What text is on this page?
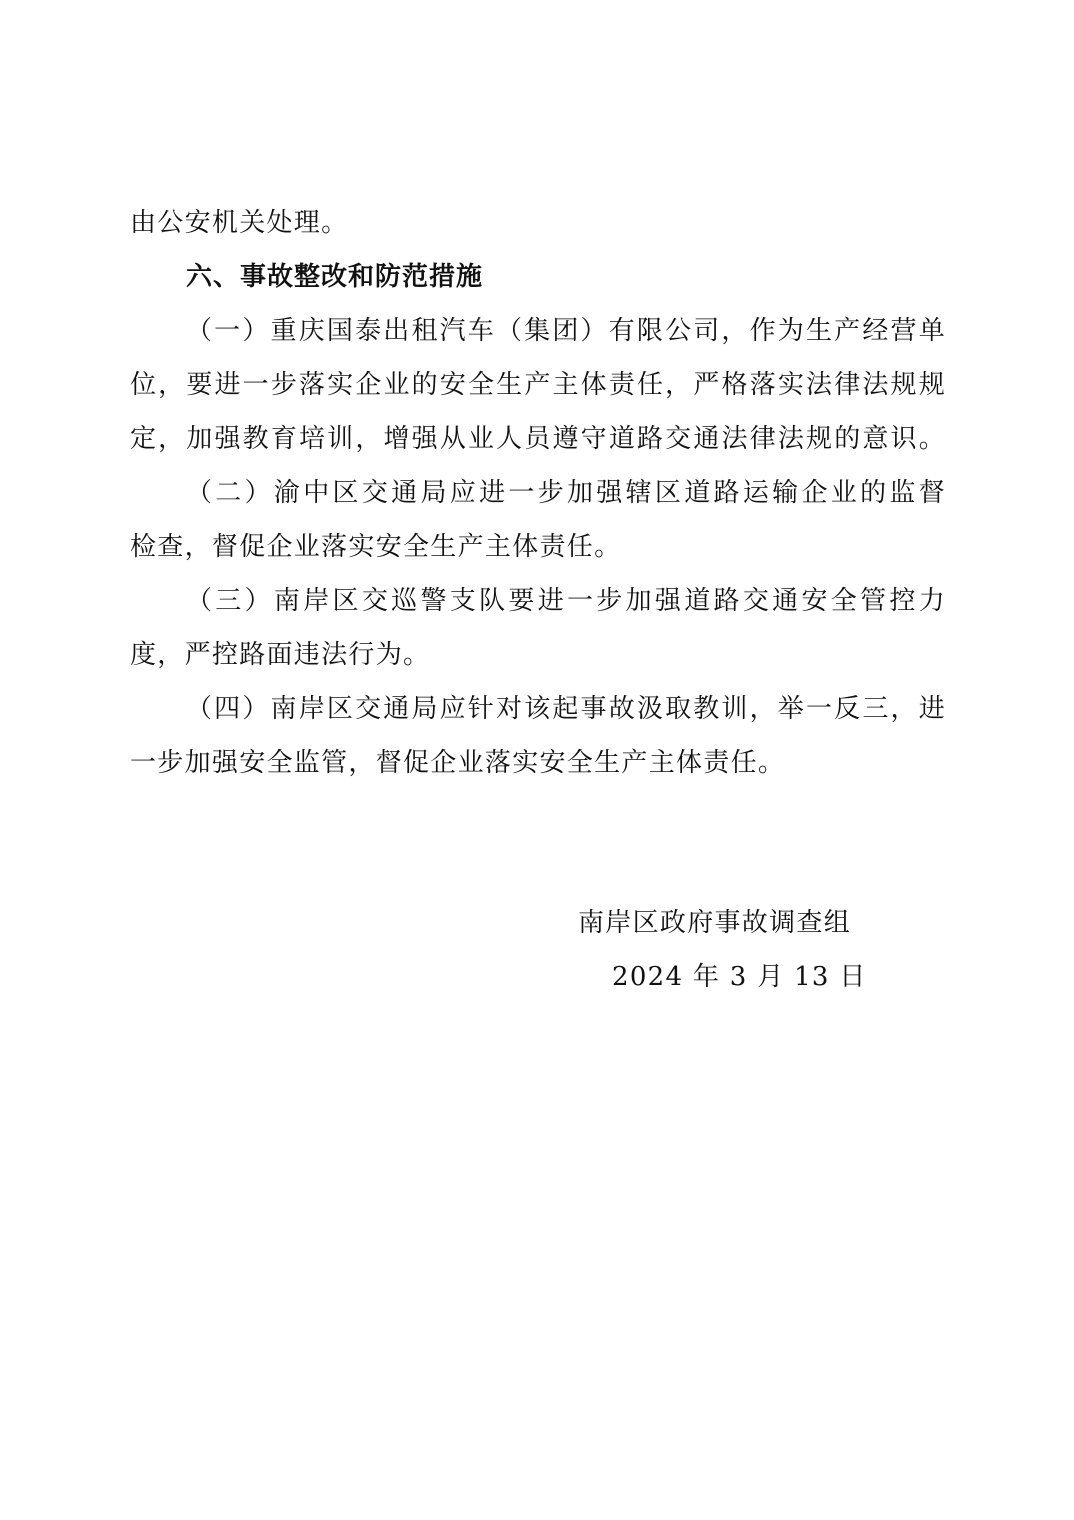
由公安机关处理。
六、事故整改和防范措施
（一）重庆国泰出租汽车（集团）有限公司，作为生产经营单
位，要进一步落实企业的安全生产主体责任，严格落实法律法规规
定，加强教育培训，增强从业人员遵守道路交通法律法规的意识。
（二）渝中区交通局应进一步加强辖区道路运输企业的监督
检查，督促企业落实安全生产主体责任。
（三）南岸区交巡警支队要进一步加强道路交通安全管控力
度，严控路面违法行为。
（四）南岸区交通局应针对该起事故汲取教训，举一反三，进
一步加强安全监管，督促企业落实安全生产主体责任。
南岸区政府事故调查组
2024 年 3 月 13 日
